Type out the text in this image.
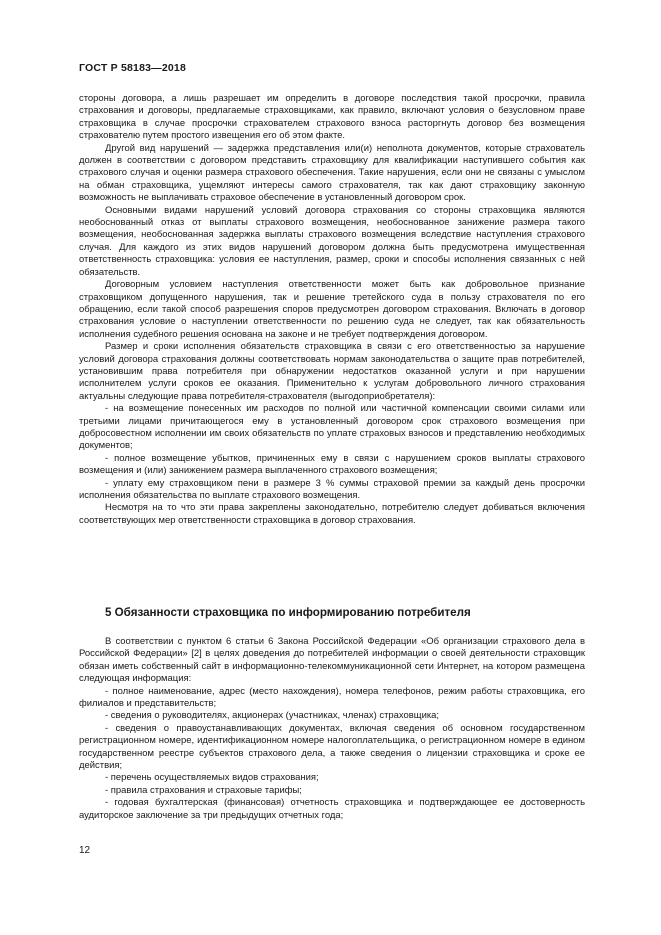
ГОСТ Р 58183—2018

стороны договора, а лишь разрешает им определить в договоре последствия такой просрочки, правила страхования и договоры, предлагаемые страховщиками, как правило, включают условия о безусловном праве страховщика в случае просрочки страхователем страхового взноса расторгнуть договор без возмещения страхователю путем простого извещения его об этом факте.

Другой вид нарушений — задержка представления или(и) неполнота документов, которые страхователь должен в соответствии с договором представить страховщику для квалификации наступившего события как страхового случая и оценки размера страхового обеспечения. Такие нарушения, если они не связаны с умыслом на обман страховщика, ущемляют интересы самого страхователя, так как дают страховщику законную возможность не выплачивать страховое обеспечение в установленный договором срок.

Основными видами нарушений условий договора страхования со стороны страховщика являются необоснованный отказ от выплаты страхового возмещения, необоснованное занижение размера такого возмещения, необоснованная задержка выплаты страхового возмещения вследствие наступления страхового случая. Для каждого из этих видов нарушений договором должна быть предусмотрена имущественная ответственность страховщика: условия ее наступления, размер, сроки и способы исполнения связанных с ней обязательств.

Договорным условием наступления ответственности может быть как добровольное признание страховщиком допущенного нарушения, так и решение третейского суда в пользу страхователя по его обращению, если такой способ разрешения споров предусмотрен договором страхования. Включать в договор страхования условие о наступлении ответственности по решению суда не следует, так как обязательность исполнения судебного решения основана на законе и не требует подтверждения договором.

Размер и сроки исполнения обязательств страховщика в связи с его ответственностью за нарушение условий договора страхования должны соответствовать нормам законодательства о защите прав потребителей, установившим права потребителя при обнаружении недостатков оказанной услуги и при нарушении исполнителем услуги сроков ее оказания. Применительно к услугам добровольного личного страхования актуальны следующие права потребителя-страхователя (выгодоприобретателя):

- на возмещение понесенных им расходов по полной или частичной компенсации своими силами или третьими лицами причитающегося ему в установленный договором срок страхового возмещения при добросовестном исполнении им своих обязательств по уплате страховых взносов и представлению необходимых документов;

- полное возмещение убытков, причиненных ему в связи с нарушением сроков выплаты страхового возмещения и (или) занижением размера выплаченного страхового возмещения;

- уплату ему страховщиком пени в размере 3 % суммы страховой премии за каждый день просрочки исполнения обязательства по выплате страхового возмещения.

Несмотря на то что эти права закреплены законодательно, потребителю следует добиваться включения соответствующих мер ответственности страховщика в договор страхования.

5 Обязанности страховщика по информированию потребителя

В соответствии с пунктом 6 статьи 6 Закона Российской Федерации «Об организации страхового дела в Российской Федерации» [2] в целях доведения до потребителей информации о своей деятельности страховщик обязан иметь собственный сайт в информационно-телекоммуникационной сети Интернет, на котором размещена следующая информация:

- полное наименование, адрес (место нахождения), номера телефонов, режим работы страховщика, его филиалов и представительств;

- сведения о руководителях, акционерах (участниках, членах) страховщика;

- сведения о правоустанавливающих документах, включая сведения об основном государственном регистрационном номере, идентификационном номере налогоплательщика, о регистрационном номере в едином государственном реестре субъектов страхового дела, а также сведения о лицензии страховщика и сроке ее действия;

- перечень осуществляемых видов страхования;

- правила страхования и страховые тарифы;

- годовая бухгалтерская (финансовая) отчетность страховщика и подтверждающее ее достоверность аудиторское заключение за три предыдущих отчетных года;

12
